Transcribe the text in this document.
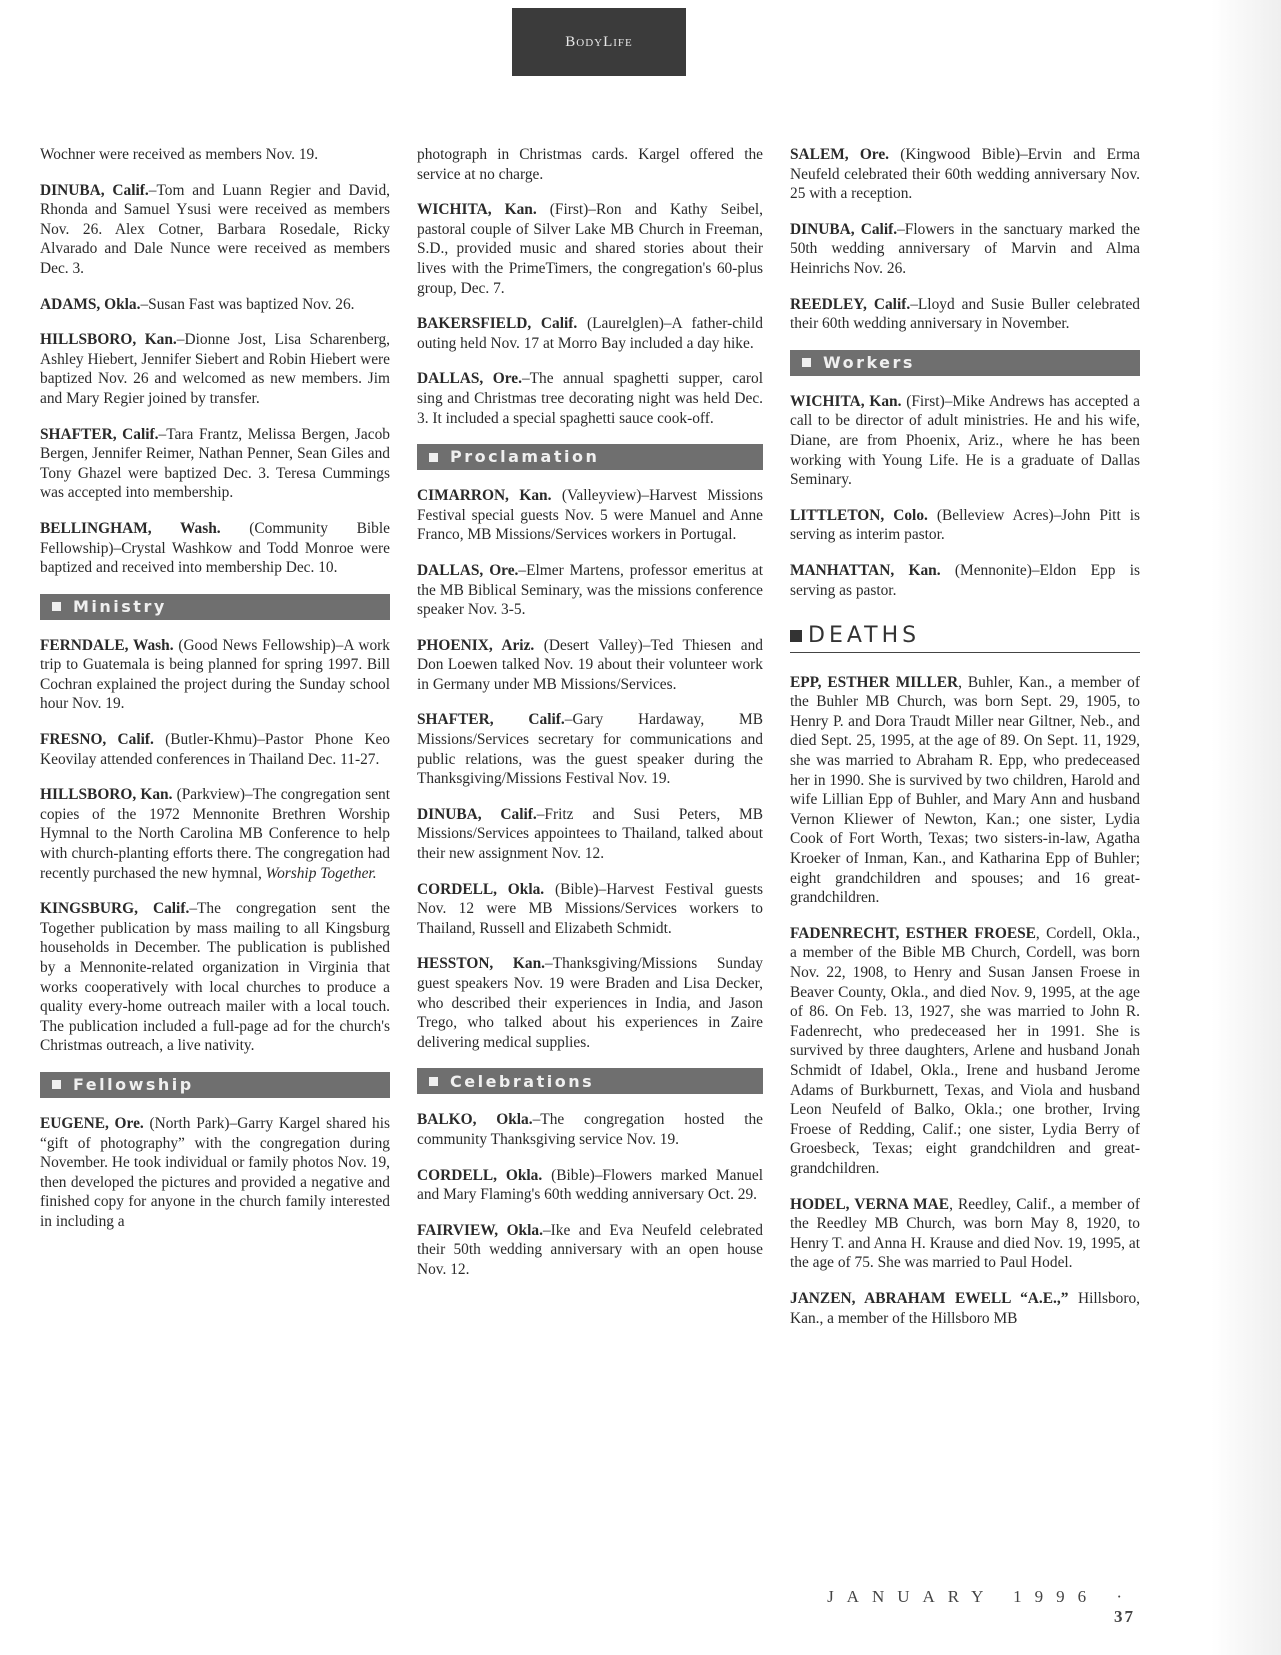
BodyLife

Wochner were received as members Nov. 19.

DINUBA, Calif.–Tom and Luann Regier and David, Rhonda and Samuel Ysusi were received as members Nov. 26. Alex Cotner, Barbara Rosedale, Ricky Alvarado and Dale Nunce were received as members Dec. 3.

ADAMS, Okla.–Susan Fast was baptized Nov. 26.

HILLSBORO, Kan.–Dionne Jost, Lisa Scharenberg, Ashley Hiebert, Jennifer Siebert and Robin Hiebert were baptized Nov. 26 and welcomed as new members. Jim and Mary Regier joined by transfer.

SHAFTER, Calif.–Tara Frantz, Melissa Bergen, Jacob Bergen, Jennifer Reimer, Nathan Penner, Sean Giles and Tony Ghazel were baptized Dec. 3. Teresa Cummings was accepted into membership.

BELLINGHAM, Wash. (Community Bible Fellowship)–Crystal Washkow and Todd Monroe were baptized and received into membership Dec. 10.

Ministry

FERNDALE, Wash. (Good News Fellowship)–A work trip to Guatemala is being planned for spring 1997. Bill Cochran explained the project during the Sunday school hour Nov. 19.

FRESNO, Calif. (Butler-Khmu)–Pastor Phone Keo Keovilay attended conferences in Thailand Dec. 11-27.

HILLSBORO, Kan. (Parkview)–The congregation sent copies of the 1972 Mennonite Brethren Worship Hymnal to the North Carolina MB Conference to help with church-planting efforts there. The congregation had recently purchased the new hymnal, Worship Together.

KINGSBURG, Calif.–The congregation sent the Together publication by mass mailing to all Kingsburg households in December. The publication is published by a Mennonite-related organization in Virginia that works cooperatively with local churches to produce a quality every-home outreach mailer with a local touch. The publication included a full-page ad for the church's Christmas outreach, a live nativity.

Fellowship

EUGENE, Ore. (North Park)–Garry Kargel shared his “gift of photography” with the congregation during November. He took individual or family photos Nov. 19, then developed the pictures and provided a negative and finished copy for anyone in the church family interested in including a

photograph in Christmas cards. Kargel offered the service at no charge.

WICHITA, Kan. (First)–Ron and Kathy Seibel, pastoral couple of Silver Lake MB Church in Freeman, S.D., provided music and shared stories about their lives with the PrimeTimers, the congregation's 60-plus group, Dec. 7.

BAKERSFIELD, Calif. (Laurelglen)–A father-child outing held Nov. 17 at Morro Bay included a day hike.

DALLAS, Ore.–The annual spaghetti supper, carol sing and Christmas tree decorating night was held Dec. 3. It included a special spaghetti sauce cook-off.

Proclamation

CIMARRON, Kan. (Valleyview)–Harvest Missions Festival special guests Nov. 5 were Manuel and Anne Franco, MB Missions/Services workers in Portugal.

DALLAS, Ore.–Elmer Martens, professor emeritus at the MB Biblical Seminary, was the missions conference speaker Nov. 3-5.

PHOENIX, Ariz. (Desert Valley)–Ted Thiesen and Don Loewen talked Nov. 19 about their volunteer work in Germany under MB Missions/Services.

SHAFTER, Calif.–Gary Hardaway, MB Missions/Services secretary for communications and public relations, was the guest speaker during the Thanksgiving/Missions Festival Nov. 19.

DINUBA, Calif.–Fritz and Susi Peters, MB Missions/Services appointees to Thailand, talked about their new assignment Nov. 12.

CORDELL, Okla. (Bible)–Harvest Festival guests Nov. 12 were MB Missions/Services workers to Thailand, Russell and Elizabeth Schmidt.

HESSTON, Kan.–Thanksgiving/Missions Sunday guest speakers Nov. 19 were Braden and Lisa Decker, who described their experiences in India, and Jason Trego, who talked about his experiences in Zaire delivering medical supplies.

Celebrations

BALKO, Okla.–The congregation hosted the community Thanksgiving service Nov. 19.

CORDELL, Okla. (Bible)–Flowers marked Manuel and Mary Flaming's 60th wedding anniversary Oct. 29.

FAIRVIEW, Okla.–Ike and Eva Neufeld celebrated their 50th wedding anniversary with an open house Nov. 12.

SALEM, Ore. (Kingwood Bible)–Ervin and Erma Neufeld celebrated their 60th wedding anniversary Nov. 25 with a reception.

DINUBA, Calif.–Flowers in the sanctuary marked the 50th wedding anniversary of Marvin and Alma Heinrichs Nov. 26.

REEDLEY, Calif.–Lloyd and Susie Buller celebrated their 60th wedding anniversary in November.

Workers

WICHITA, Kan. (First)–Mike Andrews has accepted a call to be director of adult ministries. He and his wife, Diane, are from Phoenix, Ariz., where he has been working with Young Life. He is a graduate of Dallas Seminary.

LITTLETON, Colo. (Belleview Acres)–John Pitt is serving as interim pastor.

MANHATTAN, Kan. (Mennonite)–Eldon Epp is serving as pastor.

DEATHS

EPP, ESTHER MILLER, Buhler, Kan., a member of the Buhler MB Church, was born Sept. 29, 1905, to Henry P. and Dora Traudt Miller near Giltner, Neb., and died Sept. 25, 1995, at the age of 89. On Sept. 11, 1929, she was married to Abraham R. Epp, who predeceased her in 1990. She is survived by two children, Harold and wife Lillian Epp of Buhler, and Mary Ann and husband Vernon Kliewer of Newton, Kan.; one sister, Lydia Cook of Fort Worth, Texas; two sisters-in-law, Agatha Kroeker of Inman, Kan., and Katharina Epp of Buhler; eight grandchildren and spouses; and 16 great-grandchildren.

FADENRECHT, ESTHER FROESE, Cordell, Okla., a member of the Bible MB Church, Cordell, was born Nov. 22, 1908, to Henry and Susan Jansen Froese in Beaver County, Okla., and died Nov. 9, 1995, at the age of 86. On Feb. 13, 1927, she was married to John R. Fadenrecht, who predeceased her in 1991. She is survived by three daughters, Arlene and husband Jonah Schmidt of Idabel, Okla., Irene and husband Jerome Adams of Burkburnett, Texas, and Viola and husband Leon Neufeld of Balko, Okla.; one brother, Irving Froese of Redding, Calif.; one sister, Lydia Berry of Groesbeck, Texas; eight grandchildren and great-grandchildren.

HODEL, VERNA MAE, Reedley, Calif., a member of the Reedley MB Church, was born May 8, 1920, to Henry T. and Anna H. Krause and died Nov. 19, 1995, at the age of 75. She was married to Paul Hodel.

JANZEN, ABRAHAM EWELL “A.E.,” Hillsboro, Kan., a member of the Hillsboro MB

JANUARY 1996 · 37
